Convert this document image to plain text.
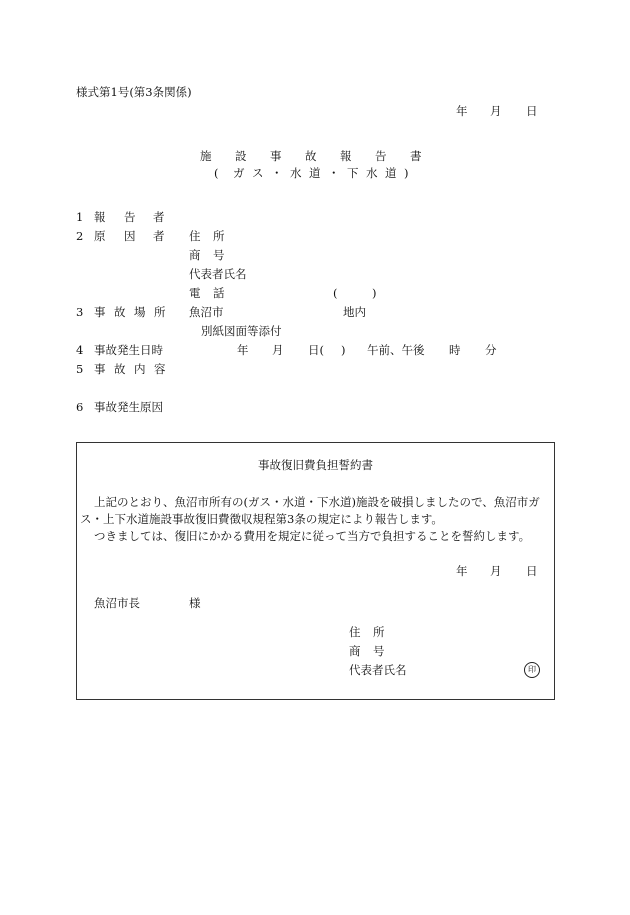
様式第1号(第3条関係)
年 月 日
施 設 事 故 報 告 書
( ガ ス ・ 水 道 ・ 下 水 道 )
1 報 告 者
2 原 因 者 住 所
商 号
代表者氏名
電 話	(	)
3 事 故 場 所 魚沼市	地内
別紙図面等添付
4 事故発生日時	年 月 日( ) 午前、午後 時 分
5 事 故 内 容
6 事故発生原因
事故復旧費負担誓約書
上記のとおり、魚沼市所有の(ガス・水道・下水道)施設を破損しましたので、魚沼市ガ
ス・上下水道施設事故復旧費徴収規程第3条の規定により報告します。
つきましては、復旧にかかる費用を規定に従って当方で負担することを誓約します。
年 月 日
魚沼市長	様
住 所
商 号
代表者氏名	印
